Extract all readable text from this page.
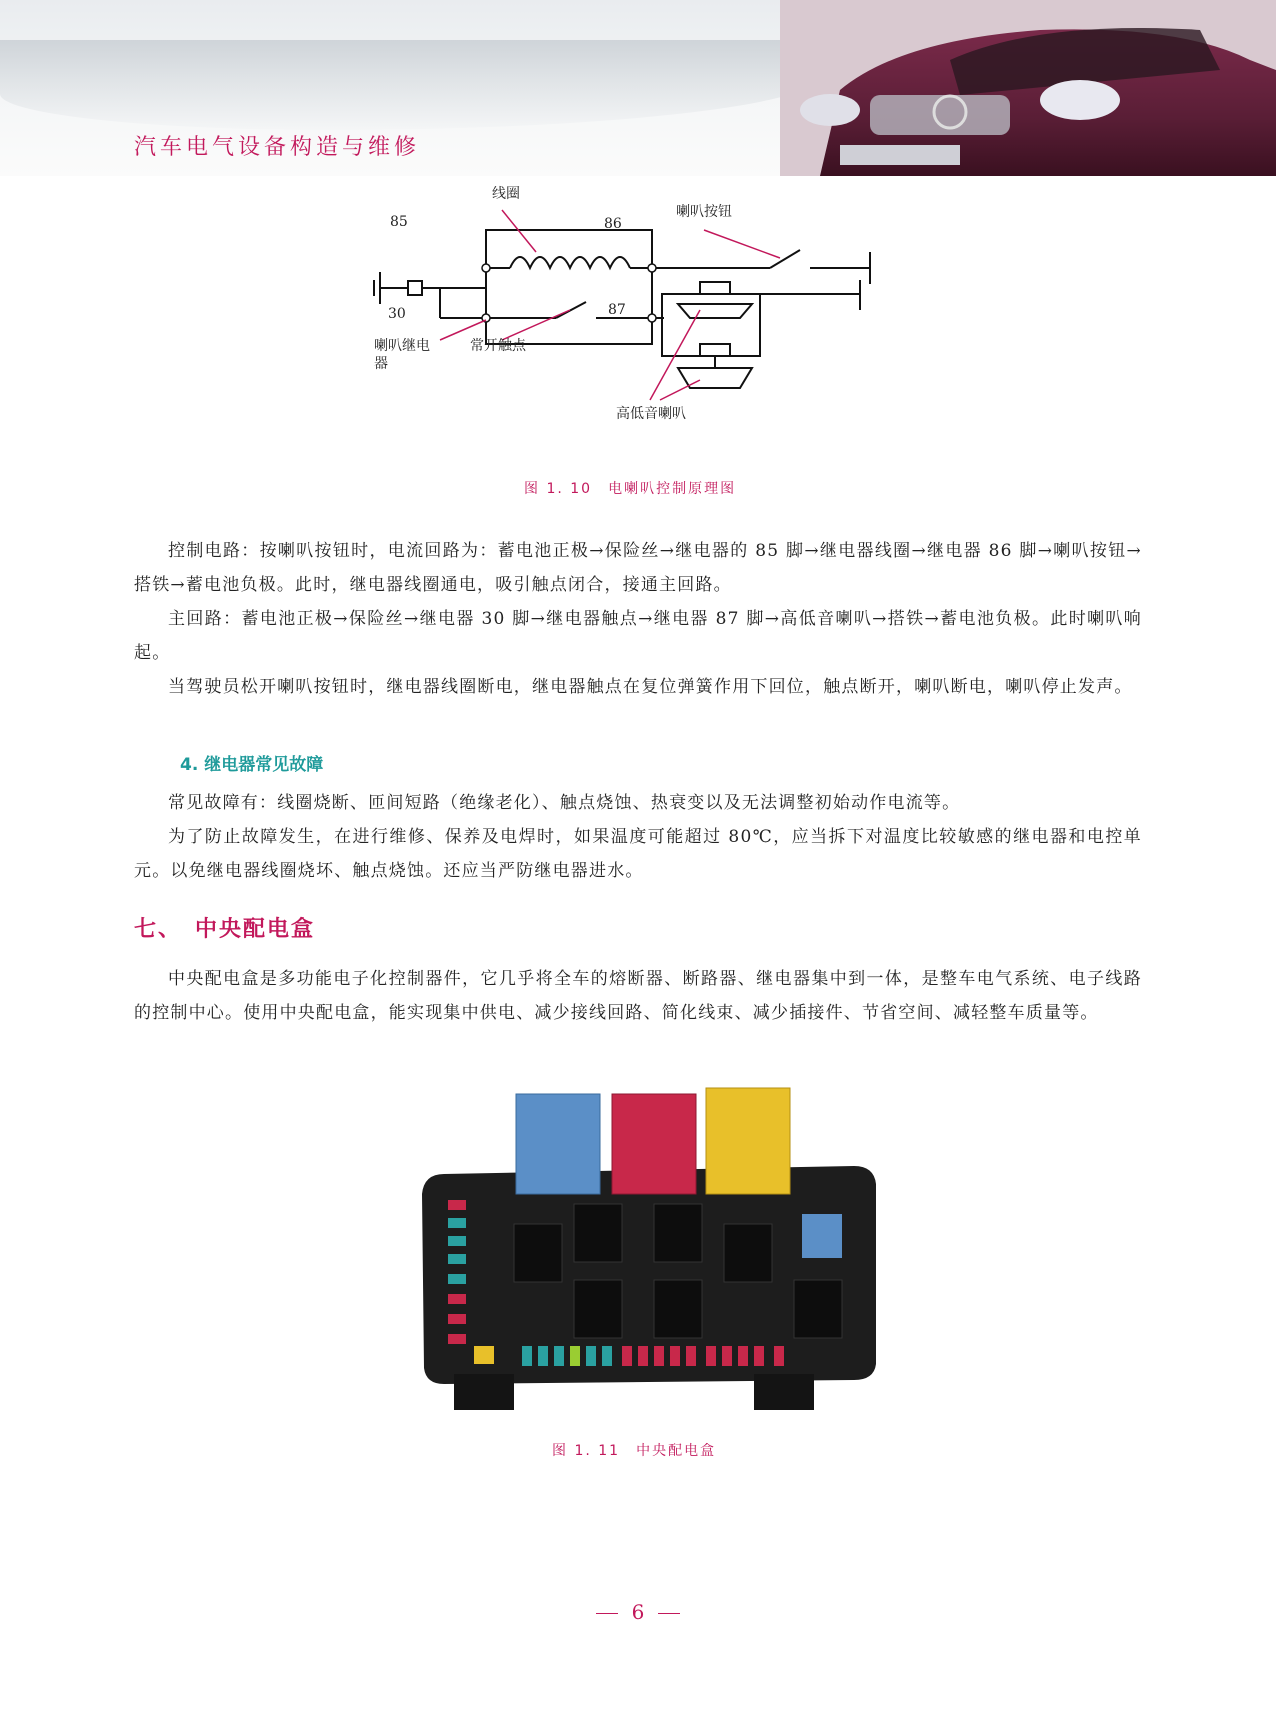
汽车电气设备构造与维修
线圈
85	86
30	87
喇叭按钮
喇叭继电
器
常开触点
高低音喇叭
图 1. 10　电喇叭控制原理图

控制电路：按喇叭按钮时，电流回路为：蓄电池正极→保险丝→继电器的 85 脚→继电器线圈→继电器 86 脚→喇叭按钮→搭铁→蓄电池负极。此时，继电器线圈通电，吸引触点闭合，接通主回路。

主回路：蓄电池正极→保险丝→继电器 30 脚→继电器触点→继电器 87 脚→高低音喇叭→搭铁→蓄电池负极。此时喇叭响起。

当驾驶员松开喇叭按钮时，继电器线圈断电，继电器触点在复位弹簧作用下回位，触点断开，喇叭断电，喇叭停止发声。

4. 继电器常见故障

常见故障有：线圈烧断、匝间短路（绝缘老化）、触点烧蚀、热衰变以及无法调整初始动作电流等。

为了防止故障发生，在进行维修、保养及电焊时，如果温度可能超过 80℃，应当拆下对温度比较敏感的继电器和电控单元。以免继电器线圈烧坏、触点烧蚀。还应当严防继电器进水。

七、　中央配电盒

中央配电盒是多功能电子化控制器件，它几乎将全车的熔断器、断路器、继电器集中到一体，是整车电气系统、电子线路的控制中心。使用中央配电盒，能实现集中供电、减少接线回路、简化线束、减少插接件、节省空间、减轻整车质量等。

图 1. 11　中央配电盒
6
